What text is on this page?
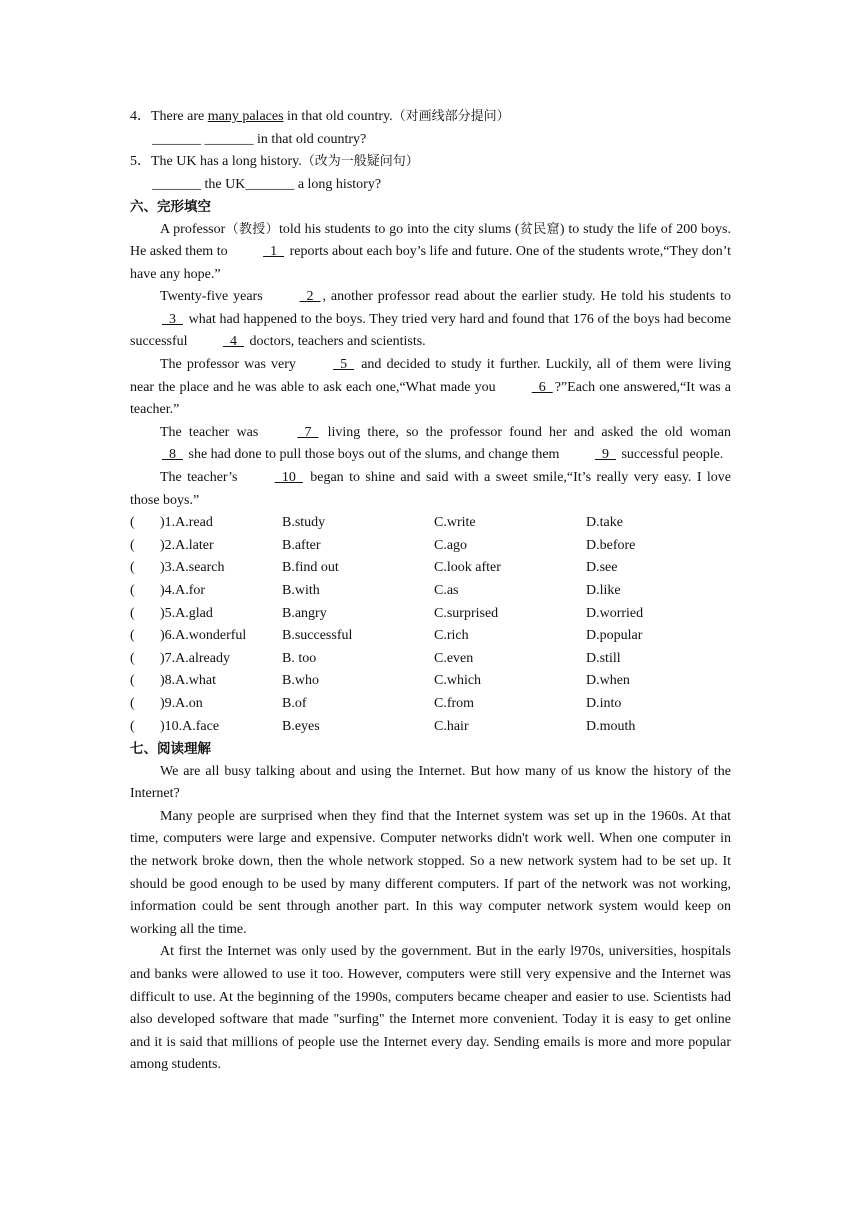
4．There are many palaces in that old country.（对画线部分提问）
_______ _______ in that old country?
5．The UK has a long history.（改为一般疑问句）
_______ the UK_______ a long history?
六、完形填空

A professor（教授）told his students to go into the city slums (贫民窟) to study the life of 200 boys. He asked them to	1 reports about each boy’s life and future. One of the students wrote,“They don’t have any hope.”

Twenty-five years	2 , another professor read about the earlier study. He told his students to 3 what had happened to the boys. They tried very hard and found that 176 of the boys had become successful	4 doctors, teachers and scientists.

The professor was very	5 and decided to study it further. Luckily, all of them were living near the place and he was able to ask each one,“What made you	6 ?”Each one answered,“It was a teacher.”

The teacher was	7 living there, so the professor found her and asked the old woman 8 she had done to pull those boys out of the slums, and change them	9 successful people.

The teacher’s	10 began to shine and said with a sweet smile,“It’s really very easy. I love those boys.”

(	)1.A.read	B.study	C.write	D.take
(	)2.A.later	B.after	C.ago	D.before
(	)3.A.search	B.find out	C.look after	D.see
(	)4.A.for	B.with	C.as	D.like
(	)5.A.glad	B.angry	C.surprised	D.worried
(	)6.A.wonderful	B.successful	C.rich	D.popular
(	)7.A.already	B. too	C.even	D.still
(	)8.A.what	B.who	C.which	D.when
(	)9.A.on	B.of	C.from	D.into
(	)10.A.face	B.eyes	C.hair	D.mouth
七、阅读理解

We are all busy talking about and using the Internet. But how many of us know the history of the Internet?

Many people are surprised when they find that the Internet system was set up in the 1960s. At that time, computers were large and expensive. Computer networks didn't work well. When one computer in the network broke down, then the whole network stopped. So a new network system had to be set up. It should be good enough to be used by many different computers. If part of the network was not working, information could be sent through another part. In this way computer network system would keep on working all the time.

At first the Internet was only used by the government. But in the early l970s, universities, hospitals and banks were allowed to use it too. However, computers were still very expensive and the Internet was difficult to use. At the beginning of the 1990s, computers became cheaper and easier to use. Scientists had also developed software that made "surfing" the Internet more convenient. Today it is easy to get online and it is said that millions of people use the Internet every day. Sending emails is more and more popular among students.
